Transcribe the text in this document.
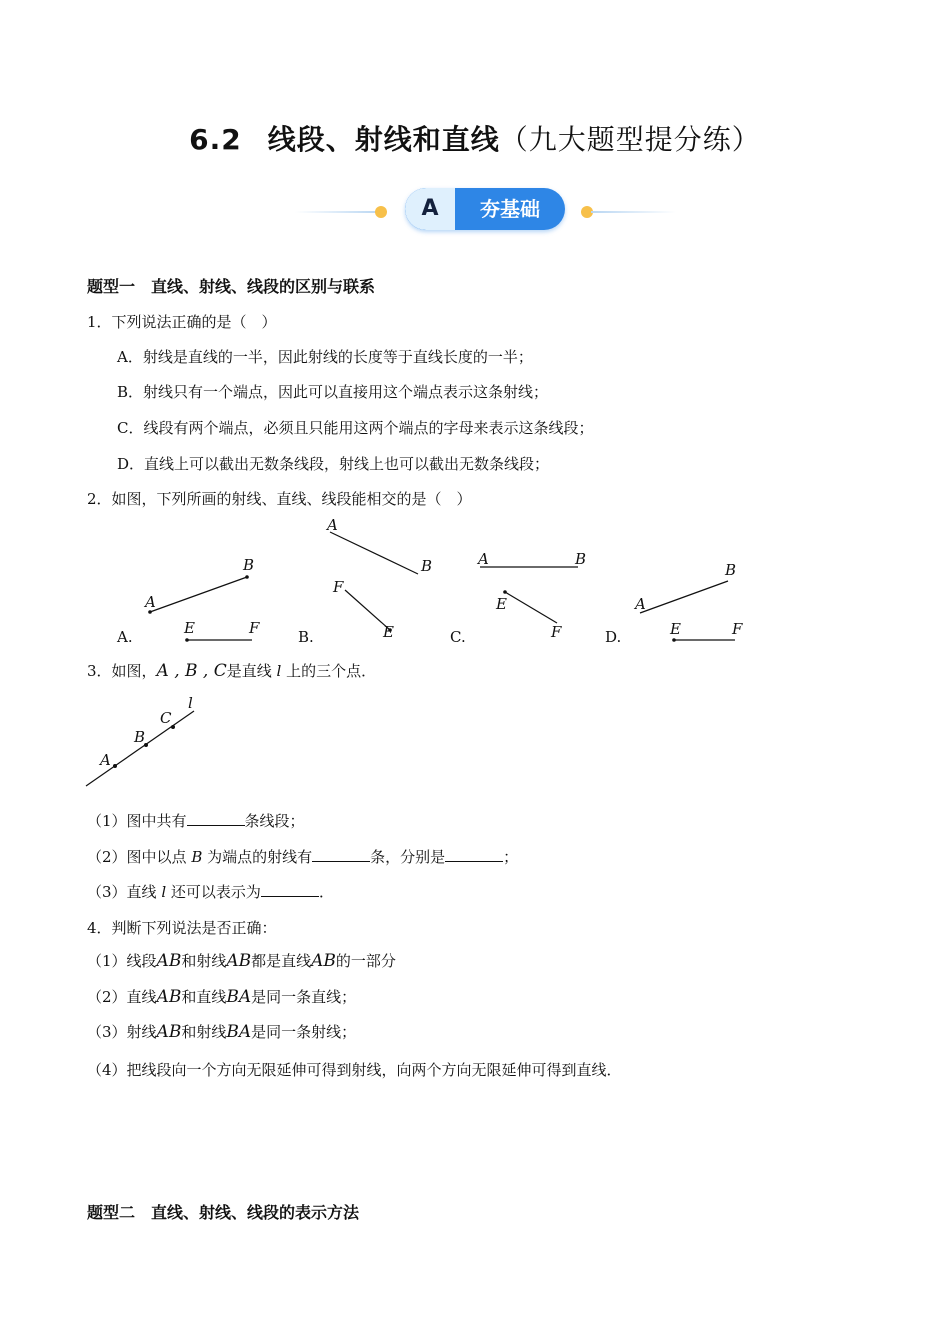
6.2 线段、射线和直线（九大题型提分练）
A	夯基础
题型一　直线、射线、线段的区别与联系
1．下列说法正确的是（　）
A．射线是直线的一半，因此射线的长度等于直线长度的一半；
B．射线只有一个端点，因此可以直接用这个端点表示这条射线；
C．线段有两个端点，必须且只能用这两个端点的字母来表示这条线段；
D．直线上可以截出无数条线段，射线上也可以截出无数条线段；
2．如图，下列所画的射线、直线、线段能相交的是（　）
B
A
E	F
A.
A
B
F
E
B.
A	B
E
F
C.
A
B
E	F
D.
3．如图，A , B , C是直线 l 上的三个点．
A
B
C
l
（1）图中共有	条线段；
（2）图中以点 B 为端点的射线有	条，分别是	；
（3）直线 l 还可以表示为	．
4．判断下列说法是否正确：
（1）线段AB和射线AB都是直线AB的一部分
（2）直线AB和直线BA是同一条直线；
（3）射线AB和射线BA是同一条射线；
（4）把线段向一个方向无限延伸可得到射线，向两个方向无限延伸可得到直线．
题型二　直线、射线、线段的表示方法
